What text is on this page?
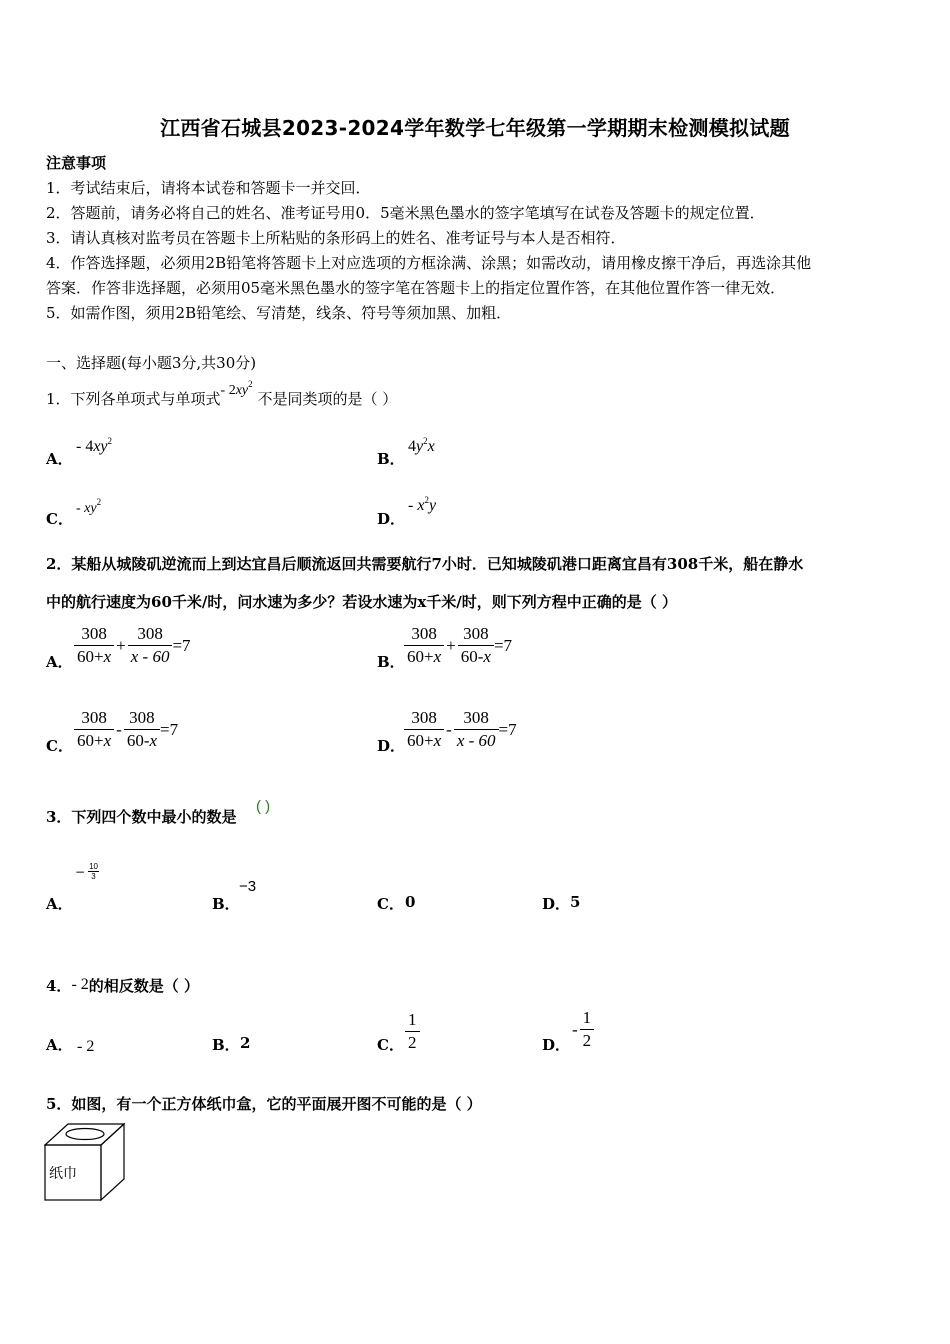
江西省石城县2023-2024学年数学七年级第一学期期末检测模拟试题
注意事项
1．考试结束后，请将本试卷和答题卡一并交回．
2．答题前，请务必将自己的姓名、准考证号用0．5毫米黑色墨水的签字笔填写在试卷及答题卡的规定位置．
3．请认真核对监考员在答题卡上所粘贴的条形码上的姓名、准考证号与本人是否相符．
4．作答选择题，必须用2B铅笔将答题卡上对应选项的方框涂满、涂黑；如需改动，请用橡皮擦干净后，再选涂其他
答案．作答非选择题，必须用05毫米黑色墨水的签字笔在答题卡上的指定位置作答，在其他位置作答一律无效．
5．如需作图，须用2B铅笔绘、写清楚，线条、符号等须加黑、加粗．
一、选择题(每小题3分,共30分)
1．下列各单项式与单项式- $2xy^2$ 不是同类项的是（ ）
A．
- $4xy^2$
B．
$4y^2x$
C．
- $xy^2$
D．
- $x^2y$
2．某船从城陵矶逆流而上到达宜昌后顺流返回共需要航行7小时．已知城陵矶港口距离宜昌有308千米，船在静水
中的航行速度为60千米/时，问水速为多少？若设水速为x千米/时，则下列方程中正确的是（ ）
A． $\frac{308}{60+x} + \frac{308}{x - 60} =7$
B． $\frac{308}{60+x} + \frac{308}{60-x} =7$
C． $\frac{308}{60+x} - \frac{308}{60-x} =7$
D．
$\frac{308}{60+x} - \frac{308}{x - 60} =7$
3．下列四个数中最小的数是
( )
A．
− $\frac{10}{3}$
B．
−3
C． 0	D． 5
4．- 2的相反数是（ ）
A． - 2	B． 2	C． $\frac{1}{2}$	D．
- $\frac{1}{2}$
5．如图，有一个正方体纸巾盒，它的平面展开图不可能的是（ ）
纸巾
